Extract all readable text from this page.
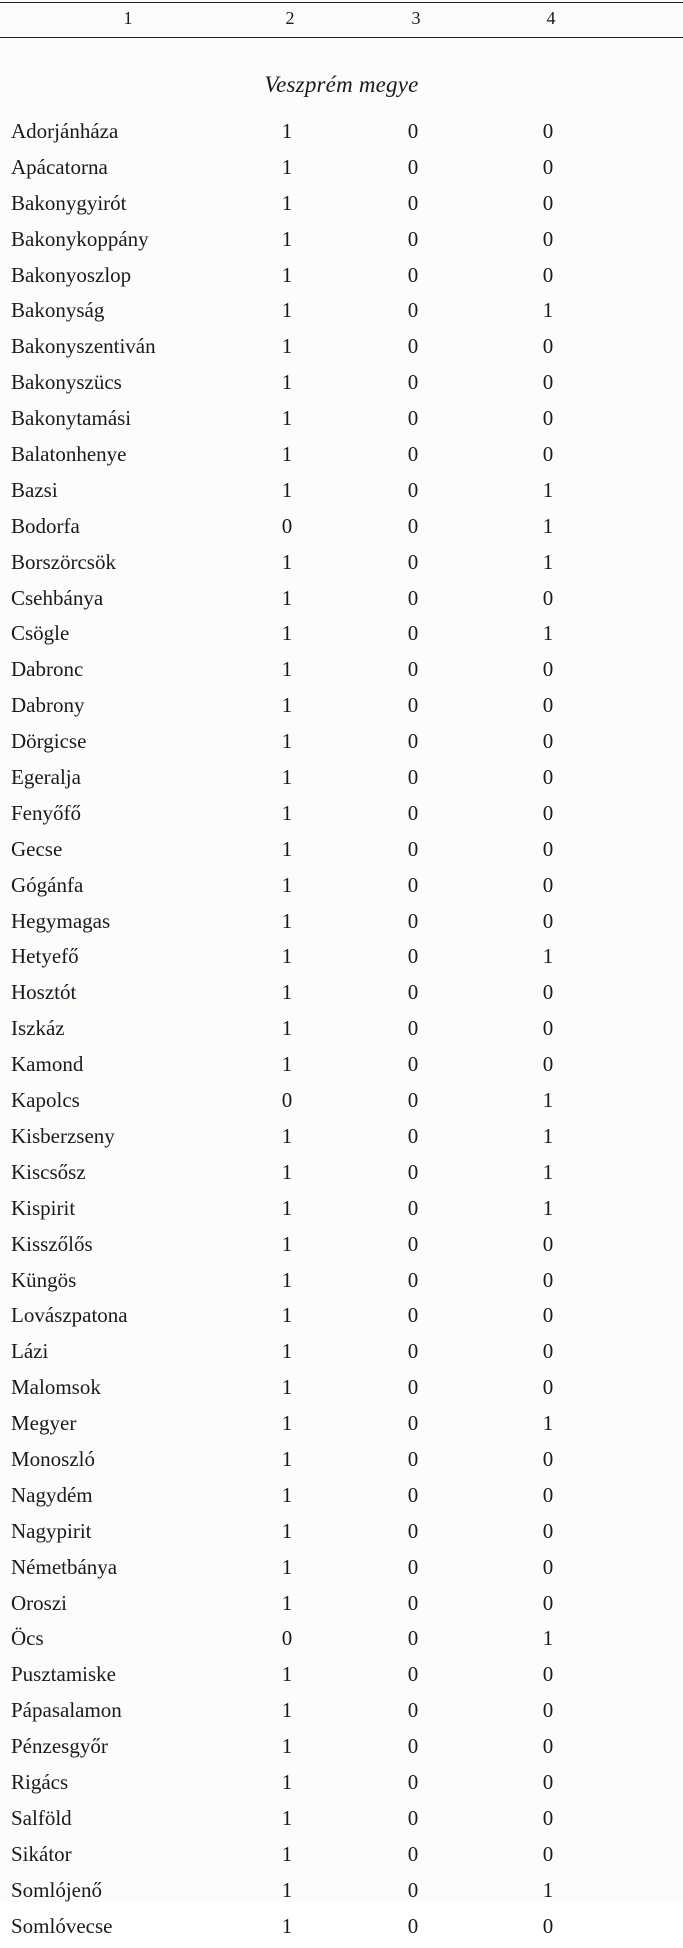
1	2	3	4
Veszprém megye
Adorjánháza	1	0	0
Apácatorna	1	0	0
Bakonygyirót	1	0	0
Bakonykoppány	1	0	0
Bakonyoszlop	1	0	0
Bakonyság	1	0	1
Bakonyszentiván	1	0	0
Bakonyszücs	1	0	0
Bakonytamási	1	0	0
Balatonhenye	1	0	0
Bazsi	1	0	1
Bodorfa	0	0	1
Borszörcsök	1	0	1
Csehbánya	1	0	0
Csögle	1	0	1
Dabronc	1	0	0
Dabrony	1	0	0
Dörgicse	1	0	0
Egeralja	1	0	0
Fenyőfő	1	0	0
Gecse	1	0	0
Gógánfa	1	0	0
Hegymagas	1	0	0
Hetyefő	1	0	1
Hosztót	1	0	0
Iszkáz	1	0	0
Kamond	1	0	0
Kapolcs	0	0	1
Kisberzseny	1	0	1
Kiscsősz	1	0	1
Kispirit	1	0	1
Kisszőlős	1	0	0
Küngös	1	0	0
Lovászpatona	1	0	0
Lázi	1	0	0
Malomsok	1	0	0
Megyer	1	0	1
Monoszló	1	0	0
Nagydém	1	0	0
Nagypirit	1	0	0
Németbánya	1	0	0
Oroszi	1	0	0
Öcs	0	0	1
Pusztamiske	1	0	0
Pápasalamon	1	0	0
Pénzesgyőr	1	0	0
Rigács	1	0	0
Salföld	1	0	0
Sikátor	1	0	0
Somlójenő	1	0	1
Somlóvecse	1	0	0
